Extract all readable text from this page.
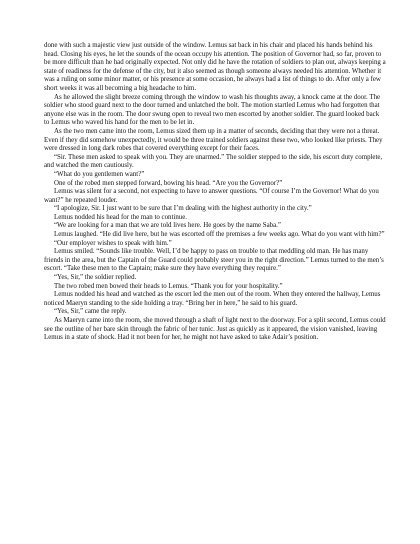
done with such a majestic view just outside of the window. Lemus sat back in his chair and placed his hands behind his head. Closing his eyes, he let the sounds of the ocean occupy his attention. The position of Governor had, so far, proven to be more difficult than he had originally expected. Not only did he have the rotation of soldiers to plan out, always keeping a state of readiness for the defense of the city, but it also seemed as though someone always needed his attention. Whether it was a ruling on some minor matter, or his presence at some occasion, he always had a list of things to do. After only a few short weeks it was all becoming a big headache to him.

As he allowed the slight breeze coming through the window to wash his thoughts away, a knock came at the door. The soldier who stood guard next to the door turned and unlatched the bolt. The motion startled Lemus who had forgotten that anyone else was in the room. The door swung open to reveal two men escorted by another soldier. The guard looked back to Lemus who waved his hand for the men to be let in.

As the two men came into the room, Lemus sized them up in a matter of seconds, deciding that they were not a threat. Even if they did somehow unexpectedly, it would be three trained soldiers against these two, who looked like priests. They were dressed in long dark robes that covered everything except for their faces.

“Sir. These men asked to speak with you. They are unarmed.” The soldier stepped to the side, his escort duty complete, and watched the men cautiously.

“What do you gentlemen want?”

One of the robed men stepped forward, bowing his head. “Are you the Governor?”

Lemus was silent for a second, not expecting to have to answer questions. “Of course I’m the Governor! What do you want?” he repeated louder.

“I apologize, Sir. I just want to be sure that I’m dealing with the highest authority in the city.”

Lemus nodded his head for the man to continue.

“We are looking for a man that we are told lives here. He goes by the name Saba.”

Lemus laughed. “He did live here, but he was escorted off the premises a few weeks ago. What do you want with him?”

“Our employer wishes to speak with him.”

Lemus smiled. “Sounds like trouble. Well, I’d be happy to pass on trouble to that meddling old man. He has many friends in the area, but the Captain of the Guard could probably steer you in the right direction.” Lemus turned to the men’s escort. “Take these men to the Captain; make sure they have everything they require.”

“Yes, Sir,” the soldier replied.

The two robed men bowed their heads to Lemus. “Thank you for your hospitality.”

Lemus nodded his head and watched as the escort led the men out of the room. When they entered the hallway, Lemus noticed Maeryn standing to the side holding a tray. “Bring her in here,” he said to his guard.

“Yes, Sir,” came the reply.

As Maeryn came into the room, she moved through a shaft of light next to the doorway. For a split second, Lemus could see the outline of her bare skin through the fabric of her tunic. Just as quickly as it appeared, the vision vanished, leaving Lemus in a state of shock. Had it not been for her, he might not have asked to take Adair’s position.
